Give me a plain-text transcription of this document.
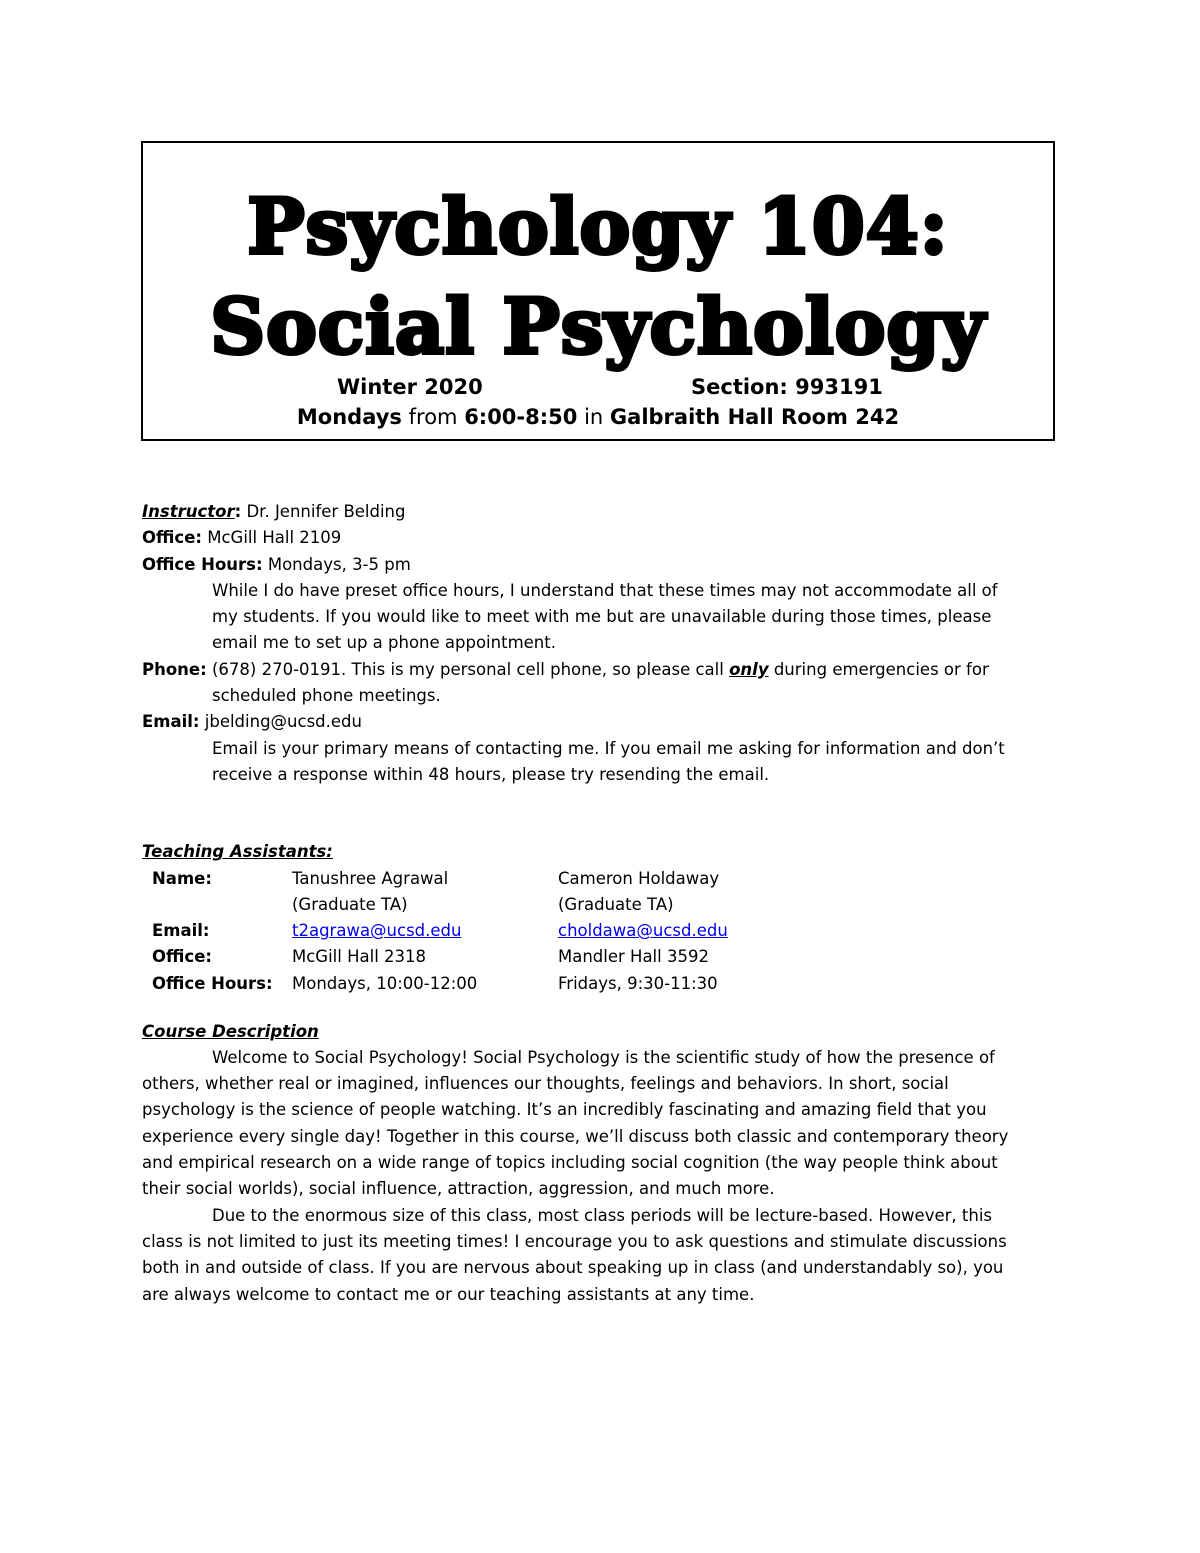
Psychology 104:
Social Psychology
Winter 2020	Section: 993191
Mondays from 6:00-8:50 in Galbraith Hall Room 242
Instructor: Dr. Jennifer Belding
Office: McGill Hall 2109
Office Hours: Mondays, 3-5 pm
While I do have preset office hours, I understand that these times may not accommodate all of
my students. If you would like to meet with me but are unavailable during those times, please
email me to set up a phone appointment.
Phone: (678) 270-0191. This is my personal cell phone, so please call only during emergencies or for
scheduled phone meetings.
Email: jbelding@ucsd.edu
Email is your primary means of contacting me. If you email me asking for information and don’t
receive a response within 48 hours, please try resending the email.
Teaching Assistants:
Name:	Tanushree Agrawal	Cameron Holdaway
(Graduate TA)	(Graduate TA)
Email:	t2agrawa@ucsd.edu	choldawa@ucsd.edu
Office:	McGill Hall 2318	Mandler Hall 3592
Office Hours: Mondays, 10:00-12:00	Fridays, 9:30-11:30
Course Description
Welcome to Social Psychology! Social Psychology is the scientific study of how the presence of
others, whether real or imagined, influences our thoughts, feelings and behaviors. In short, social
psychology is the science of people watching. It’s an incredibly fascinating and amazing field that you
experience every single day! Together in this course, we’ll discuss both classic and contemporary theory
and empirical research on a wide range of topics including social cognition (the way people think about
their social worlds), social influence, attraction, aggression, and much more.
Due to the enormous size of this class, most class periods will be lecture-based. However, this
class is not limited to just its meeting times! I encourage you to ask questions and stimulate discussions
both in and outside of class. If you are nervous about speaking up in class (and understandably so), you
are always welcome to contact me or our teaching assistants at any time.
